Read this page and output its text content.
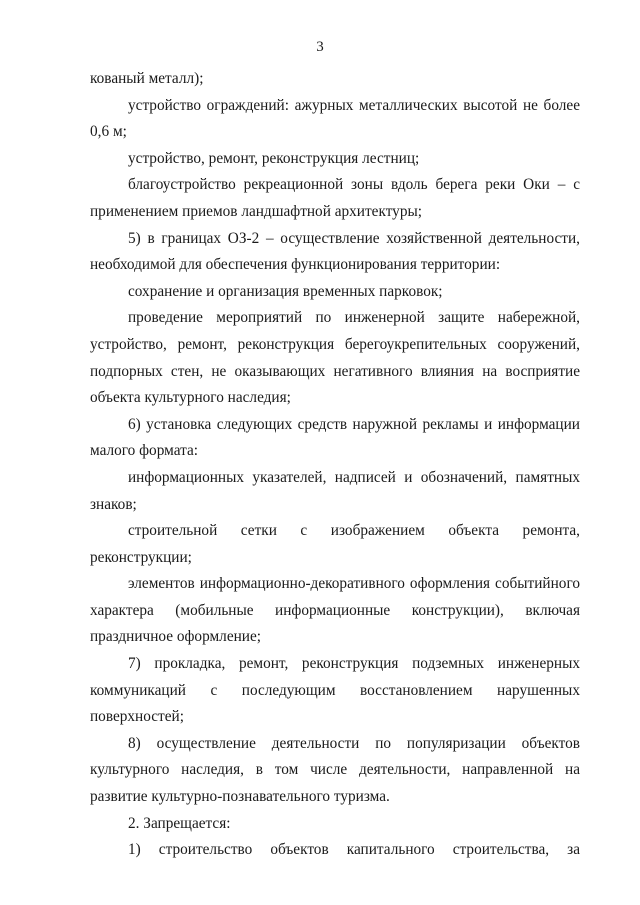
3

кованый металл);

устройство ограждений: ажурных металлических высотой не более 0,6 м;

устройство, ремонт, реконструкция лестниц;

благоустройство рекреационной зоны вдоль берега реки Оки – с применением приемов ландшафтной архитектуры;

5) в границах ОЗ-2 – осуществление хозяйственной деятельности, необходимой для обеспечения функционирования территории:

сохранение и организация временных парковок;

проведение мероприятий по инженерной защите набережной, устройство, ремонт, реконструкция берегоукрепительных сооружений, подпорных стен, не оказывающих негативного влияния на восприятие объекта культурного наследия;

6) установка следующих средств наружной рекламы и информации малого формата:

информационных указателей, надписей и обозначений, памятных знаков;

строительной сетки с изображением объекта ремонта, реконструкции;

элементов информационно-декоративного оформления событийного характера (мобильные информационные конструкции), включая праздничное оформление;

7) прокладка, ремонт, реконструкция подземных инженерных коммуникаций с последующим восстановлением нарушенных поверхностей;

8) осуществление деятельности по популяризации объектов культурного наследия, в том числе деятельности, направленной на развитие культурно-познавательного туризма.

2. Запрещается:

1) строительство объектов капитального строительства, за
